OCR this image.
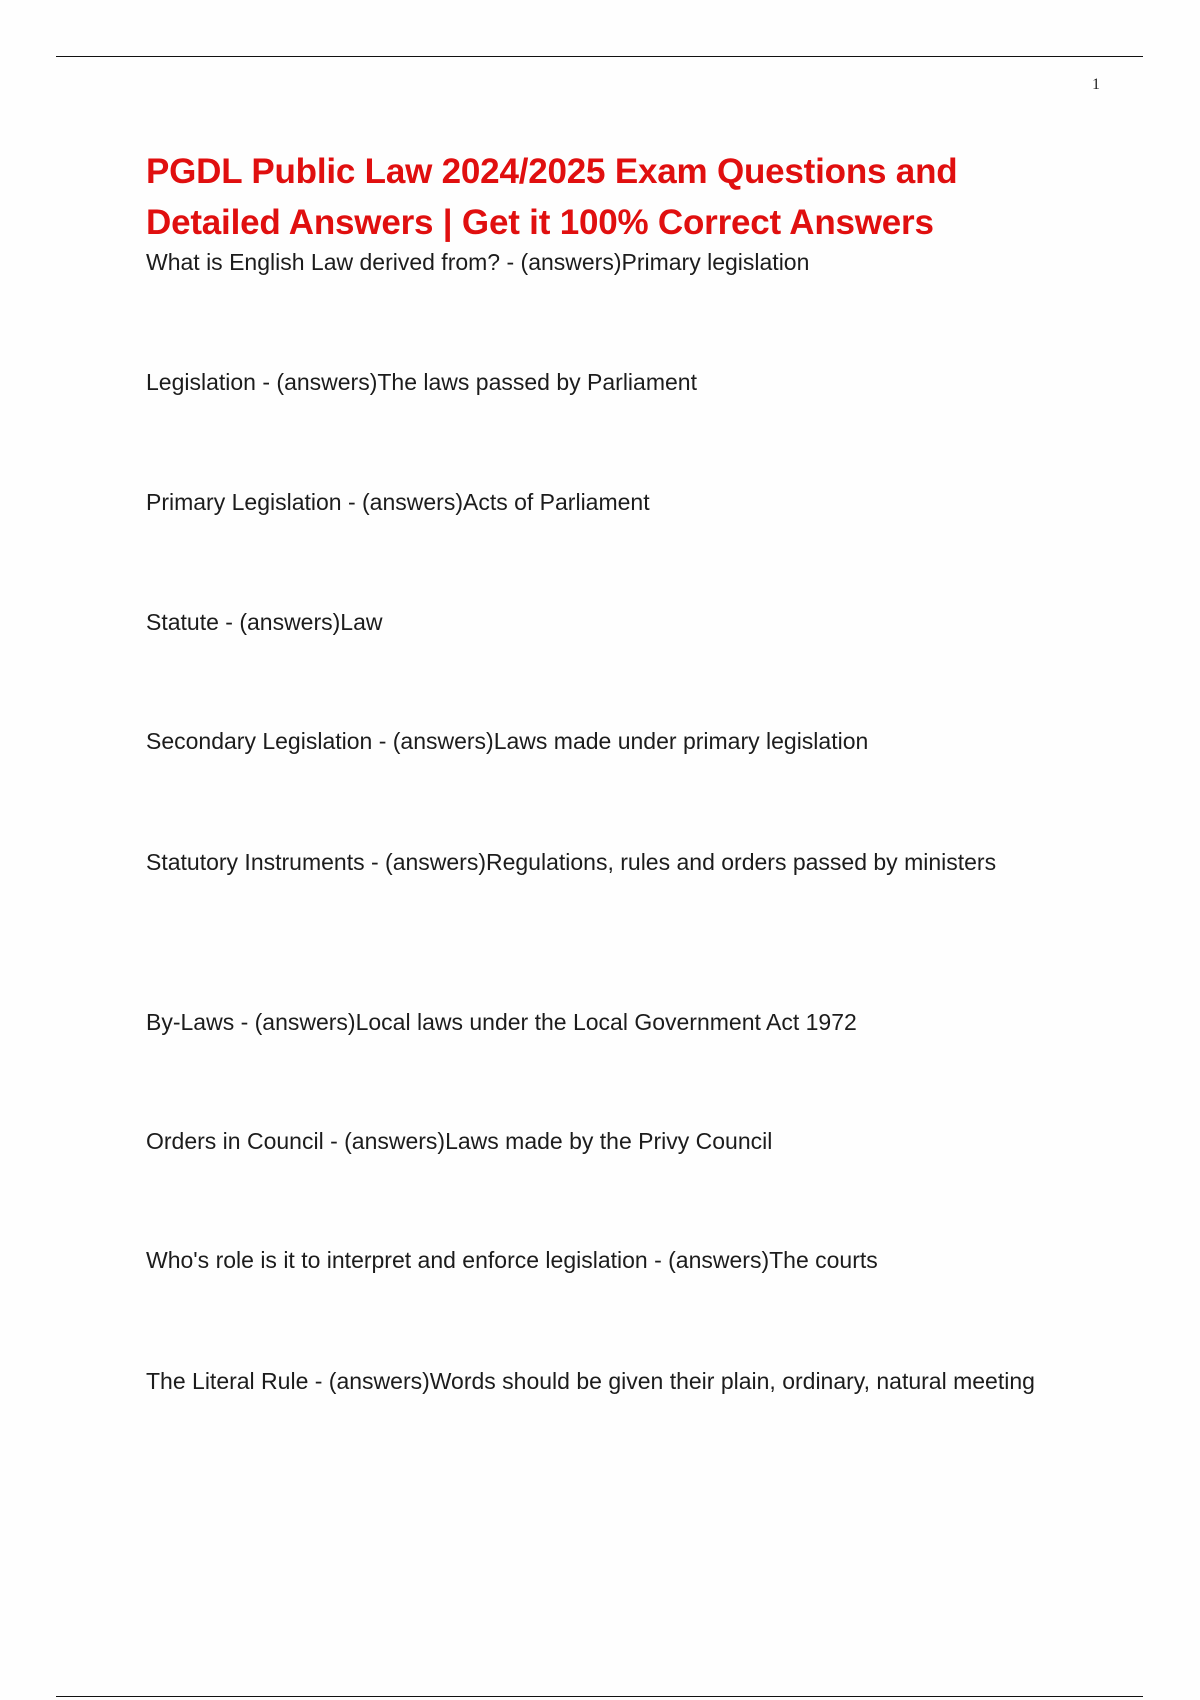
1
PGDL Public Law 2024/2025 Exam Questions and Detailed Answers | Get it 100% Correct Answers

What is English Law derived from? - (answers)Primary legislation

Legislation - (answers)The laws passed by Parliament

Primary Legislation - (answers)Acts of Parliament

Statute - (answers)Law

Secondary Legislation - (answers)Laws made under primary legislation

Statutory Instruments - (answers)Regulations, rules and orders passed by ministers

By-Laws - (answers)Local laws under the Local Government Act 1972

Orders in Council - (answers)Laws made by the Privy Council

Who's role is it to interpret and enforce legislation - (answers)The courts

The Literal Rule - (answers)Words should be given their plain, ordinary, natural meeting
